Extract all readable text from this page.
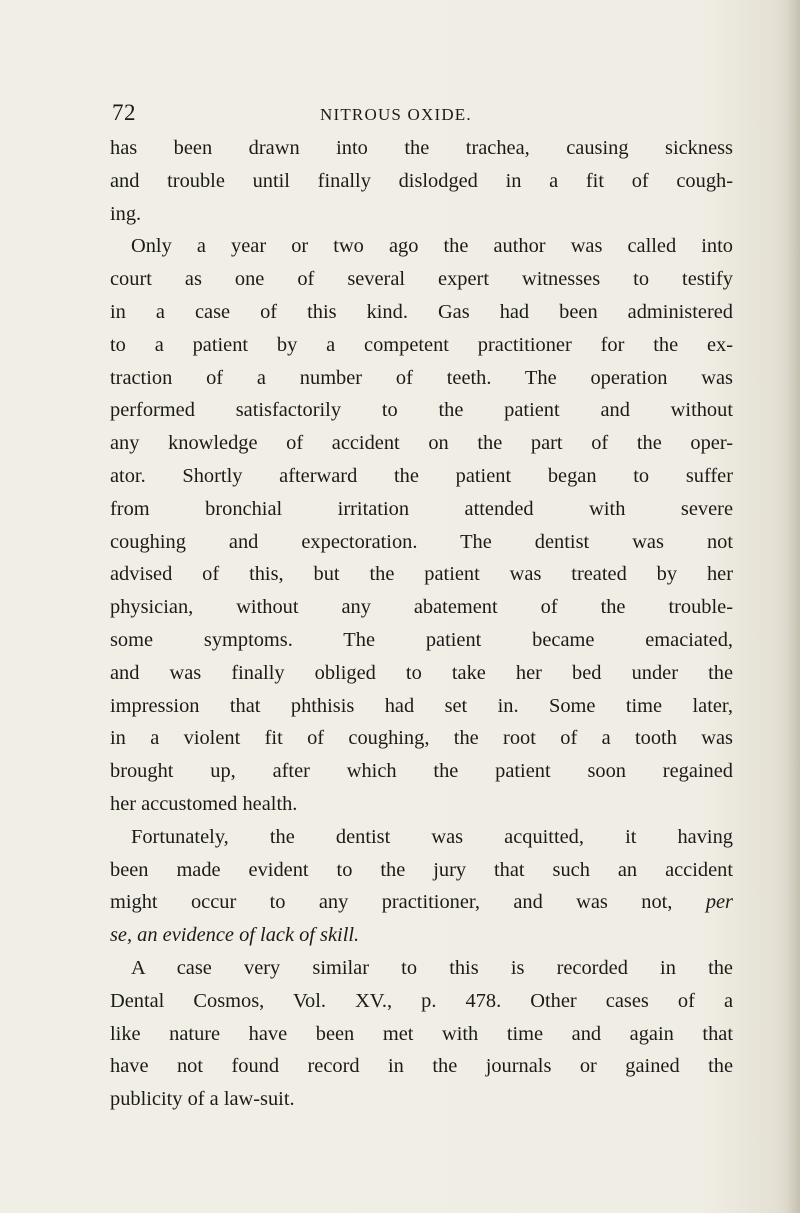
72	NITROUS OXIDE.
has been drawn into the trachea, causing sickness
and trouble until finally dislodged in a fit of cough-
ing.
Only a year or two ago the author was called into
court as one of several expert witnesses to testify
in a case of this kind. Gas had been administered
to a patient by a competent practitioner for the ex-
traction of a number of teeth. The operation was
performed satisfactorily to the patient and without
any knowledge of accident on the part of the oper-
ator. Shortly afterward the patient began to suffer
from bronchial irritation attended with severe
coughing and expectoration. The dentist was not
advised of this, but the patient was treated by her
physician, without any abatement of the trouble-
some symptoms. The patient became emaciated,
and was finally obliged to take her bed under the
impression that phthisis had set in. Some time later,
in a violent fit of coughing, the root of a tooth was
brought up, after which the patient soon regained
her accustomed health.
Fortunately, the dentist was acquitted, it having
been made evident to the jury that such an accident
might occur to any practitioner, and was not, per
se, an evidence of lack of skill.
A case very similar to this is recorded in the
Dental Cosmos, Vol. XV., p. 478. Other cases of a
like nature have been met with time and again that
have not found record in the journals or gained the
publicity of a law-suit.
